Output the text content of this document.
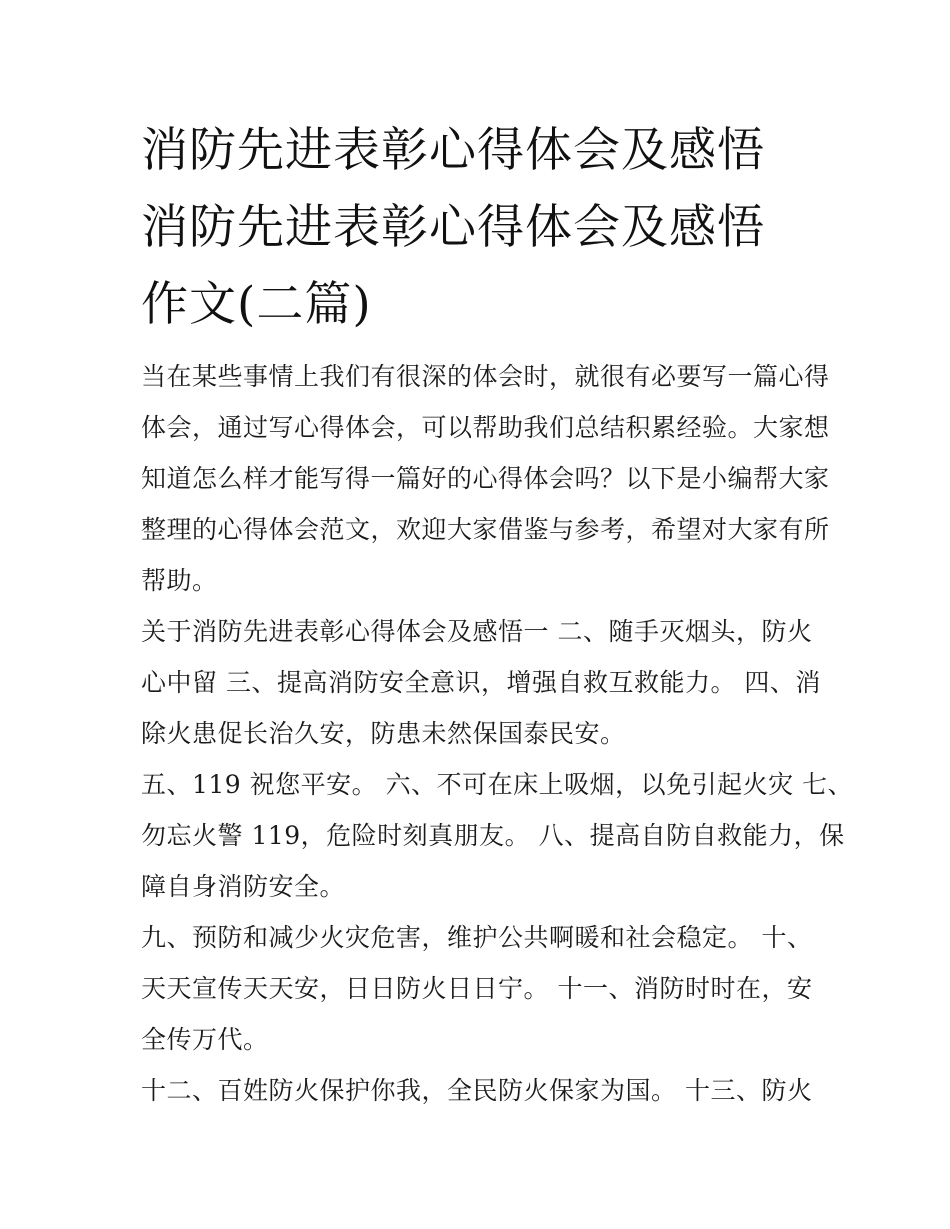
消防先进表彰心得体会及感悟
消防先进表彰心得体会及感悟
作文(二篇)
当在某些事情上我们有很深的体会时，就很有必要写一篇心得
体会，通过写心得体会，可以帮助我们总结积累经验。大家想
知道怎么样才能写得一篇好的心得体会吗？以下是小编帮大家
整理的心得体会范文，欢迎大家借鉴与参考，希望对大家有所
帮助。
关于消防先进表彰心得体会及感悟一 二、随手灭烟头，防火
心中留 三、提高消防安全意识，增强自救互救能力。 四、消
除火患促长治久安，防患未然保国泰民安。
五、119 祝您平安。 六、不可在床上吸烟，以免引起火灾 七、
勿忘火警 119，危险时刻真朋友。 八、提高自防自救能力，保
障自身消防安全。
九、预防和减少火灾危害，维护公共啊暖和社会稳定。 十、
天天宣传天天安，日日防火日日宁。 十一、消防时时在，安
全传万代。
十二、百姓防火保护你我，全民防火保家为国。 十三、防火
